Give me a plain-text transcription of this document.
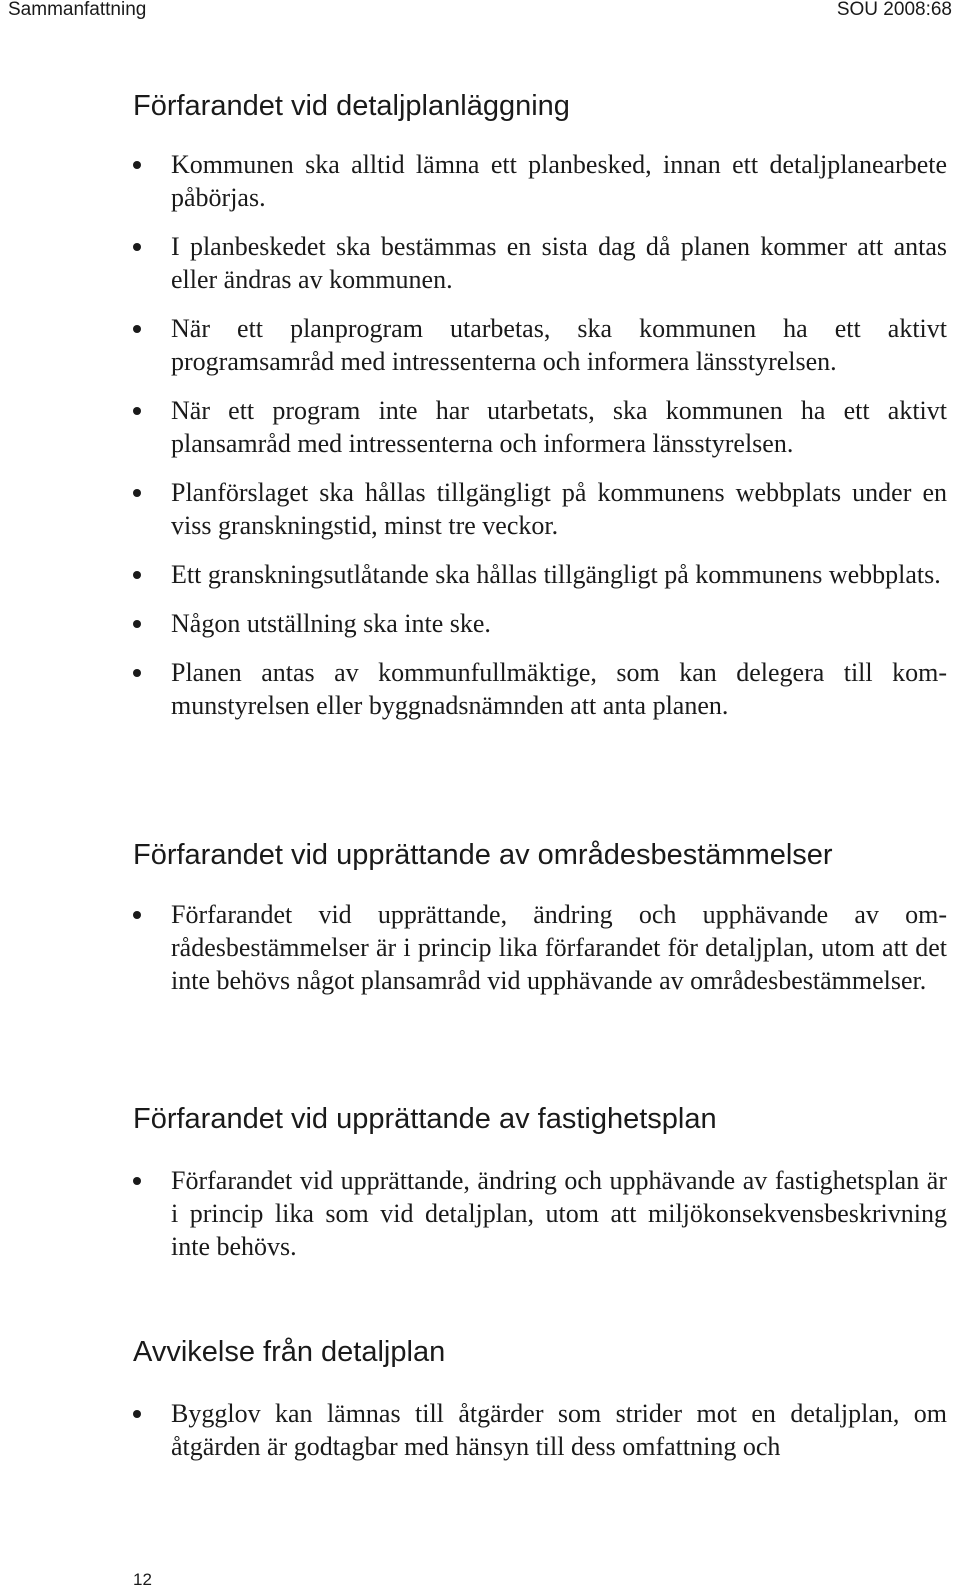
Sammanfattning	SOU 2008:68
Förfarandet vid detaljplanläggning
Kommunen ska alltid lämna ett planbesked, innan ett detaljplanearbete påbörjas.
I planbeskedet ska bestämmas en sista dag då planen kommer att antas eller ändras av kommunen.
När ett planprogram utarbetas, ska kommunen ha ett aktivt programsamråd med intressenterna och informera länsstyrelsen.
När ett program inte har utarbetats, ska kommunen ha ett aktivt plansamråd med intressenterna och informera länsstyrelsen.
Planförslaget ska hållas tillgängligt på kommunens webbplats under en viss granskningstid, minst tre veckor.
Ett granskningsutlåtande ska hållas tillgängligt på kommunens webbplats.
Någon utställning ska inte ske.
Planen antas av kommunfullmäktige, som kan delegera till kommunstyrelsen eller byggnadsnämnden att anta planen.
Förfarandet vid upprättande av områdesbestämmelser
Förfarandet vid upprättande, ändring och upphävande av områdesbestämmelser är i princip lika förfarandet för detaljplan, utom att det inte behövs något plansamråd vid upphävande av områdesbestämmelser.
Förfarandet vid upprättande av fastighetsplan
Förfarandet vid upprättande, ändring och upphävande av fastighetsplan är i princip lika som vid detaljplan, utom att miljökonsekvensbeskrivning inte behövs.
Avvikelse från detaljplan
Bygglov kan lämnas till åtgärder som strider mot en detaljplan, om åtgärden är godtagbar med hänsyn till dess omfattning och
12
